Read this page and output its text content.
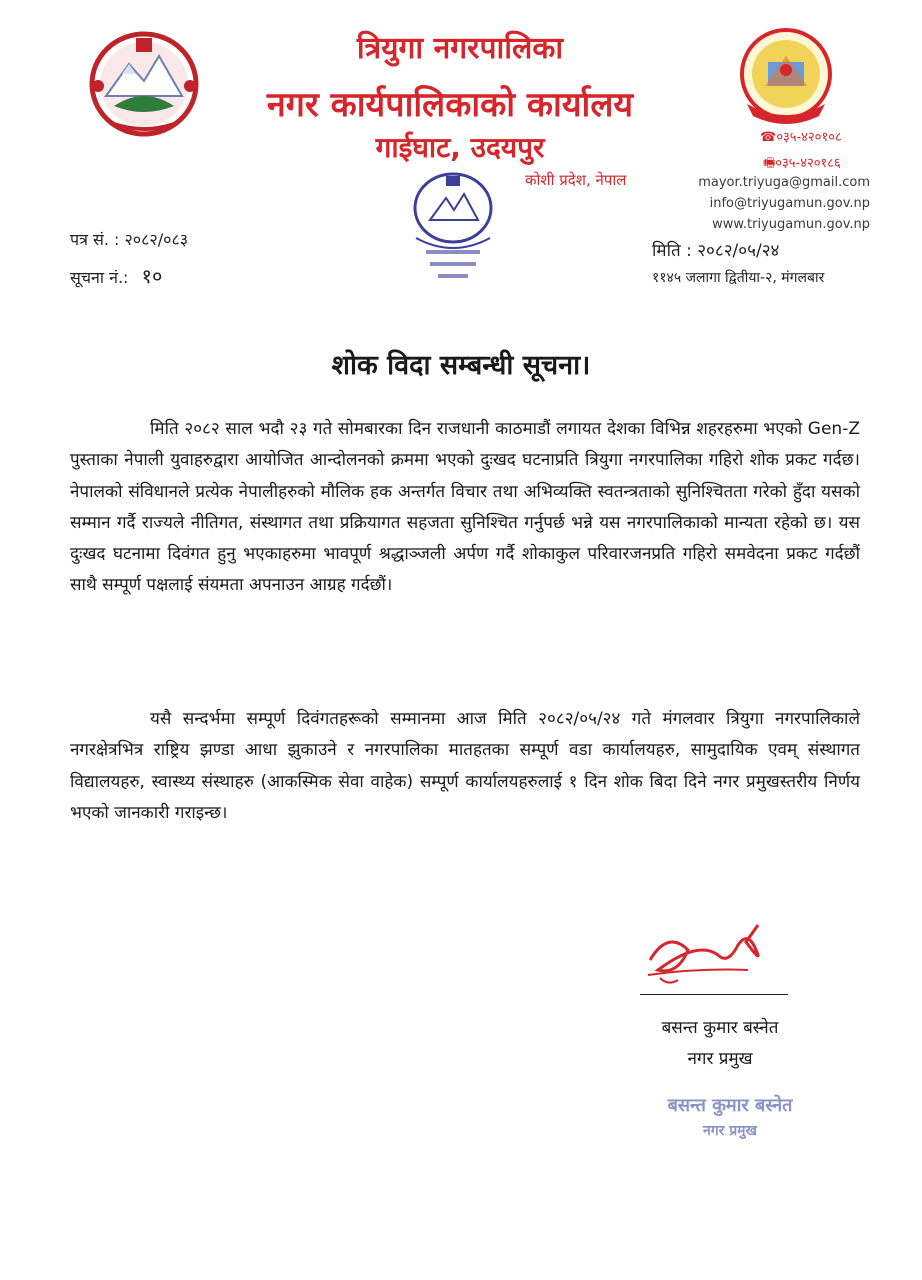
त्रियुगा नगरपालिका
नगर कार्यपालिकाको कार्यालय
गाईघाट, उदयपुर	☎०३५-४२०१०८
🖷०३५-४२०१८६
कोशी प्रदेश, नेपाल	mayor.triyuga@gmail.com
info@triyugamun.gov.np
www.triyugamun.gov.np
पत्र सं. : २०८२/०८३
सूचना नं.: १०
मिति : २०८२/०५/२४
११४५ जलागा द्वितीया-२, मंगलबार
शोक विदा सम्बन्धी सूचना।
मिति २०८२ साल भदौ २३ गते सोमबारका दिन राजधानी काठमाडौं लगायत देशका विभिन्न शहरहरुमा भएको Gen-Z पुस्ताका नेपाली युवाहरुद्वारा आयोजित आन्दोलनको क्रममा भएको दुःखद घटनाप्रति त्रियुगा नगरपालिका गहिरो शोक प्रकट गर्दछ। नेपालको संविधानले प्रत्येक नेपालीहरुको मौलिक हक अन्तर्गत विचार तथा अभिव्यक्ति स्वतन्त्रताको सुनिश्चितता गरेको हुँदा यसको सम्मान गर्दै राज्यले नीतिगत, संस्थागत तथा प्रक्रियागत सहजता सुनिश्चित गर्नुपर्छ भन्ने यस नगरपालिकाको मान्यता रहेको छ। यस दुःखद घटनामा दिवंगत हुनु भएकाहरुमा भावपूर्ण श्रद्धाञ्जली अर्पण गर्दै शोकाकुल परिवारजनप्रति गहिरो समवेदना प्रकट गर्दछौं साथै सम्पूर्ण पक्षलाई संयमता अपनाउन आग्रह गर्दछौं।
यसै सन्दर्भमा सम्पूर्ण दिवंगतहरूको सम्मानमा आज मिति २०८२/०५/२४ गते मंगलवार त्रियुगा नगरपालिकाले नगरक्षेत्रभित्र राष्ट्रिय झण्डा आधा झुकाउने र नगरपालिका मातहतका सम्पूर्ण वडा कार्यालयहरु, सामुदायिक एवम् संस्थागत विद्यालयहरु, स्वास्थ्य संस्थाहरु (आकस्मिक सेवा वाहेक) सम्पूर्ण कार्यालयहरुलाई १ दिन शोक बिदा दिने नगर प्रमुखस्तरीय निर्णय भएको जानकारी गराइन्छ।
बसन्त कुमार बस्नेत
नगर प्रमुख
बसन्त कुमार बस्नेत
नगर प्रमुख
